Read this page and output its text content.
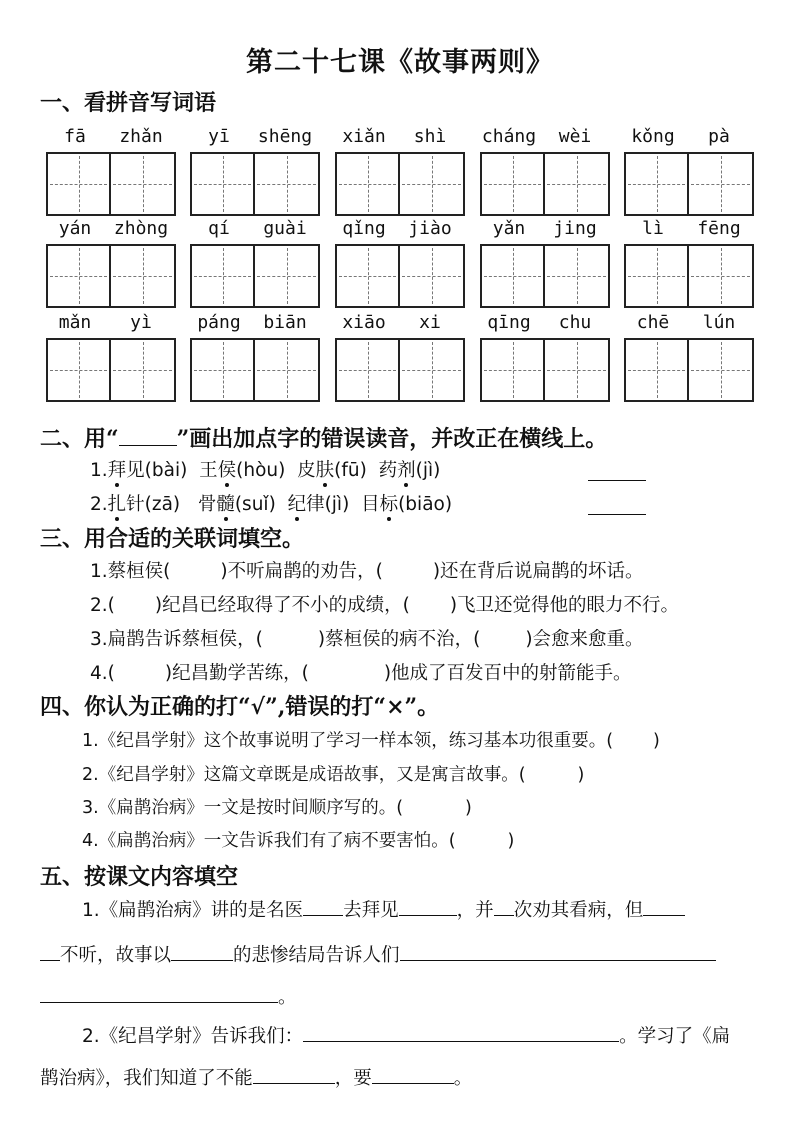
第二十七课《故事两则》
一、看拼音写词语
fā	zhǎn	yī	shēng	xiǎn	shì	cháng	wèi	kǒng	pà
yán	zhòng	qí	guài	qǐng	jiào	yǎn	jing	lì	fēng
mǎn	yì	páng	biān	xiāo	xi	qīng	chu	chē	lún
二、用“	”画出加点字的错误读音，并改正在横线上。
1.拜见(bài) 王侯(hòu) 皮肤(fū) 药剂(jì)
2.扎针(zā) 骨髓(suǐ) 纪律(jì) 目标(biāo)
三、用合适的关联词填空。
1.蔡桓侯(	)不听扁鹊的劝告，(	)还在背后说扁鹊的坏话。
2.( )纪昌已经取得了不小的成绩，( )飞卫还觉得他的眼力不行。
3.扁鹊告诉蔡桓侯，(	)蔡桓侯的病不治，( )会愈来愈重。
4.(	)纪昌勤学苦练，(	)他成了百发百中的射箭能手。
四、你认为正确的打“√”,错误的打“×”。
1.《纪昌学射》这个故事说明了学习一样本领，练习基本功很重要。( )
2.《纪昌学射》这篇文章既是成语故事，又是寓言故事。(	)
3.《扁鹊治病》一文是按时间顺序写的。(	)
4.《扁鹊治病》一文告诉我们有了病不要害怕。(	)
五、按课文内容填空
1.《扁鹊治病》讲的是名医 去拜见	，并 次劝其看病，但
不听，故事以	的悲惨结局告诉人们
。
2.《纪昌学射》告诉我们：	。学习了《扁
鹊治病》，我们知道了不能	，要	。
